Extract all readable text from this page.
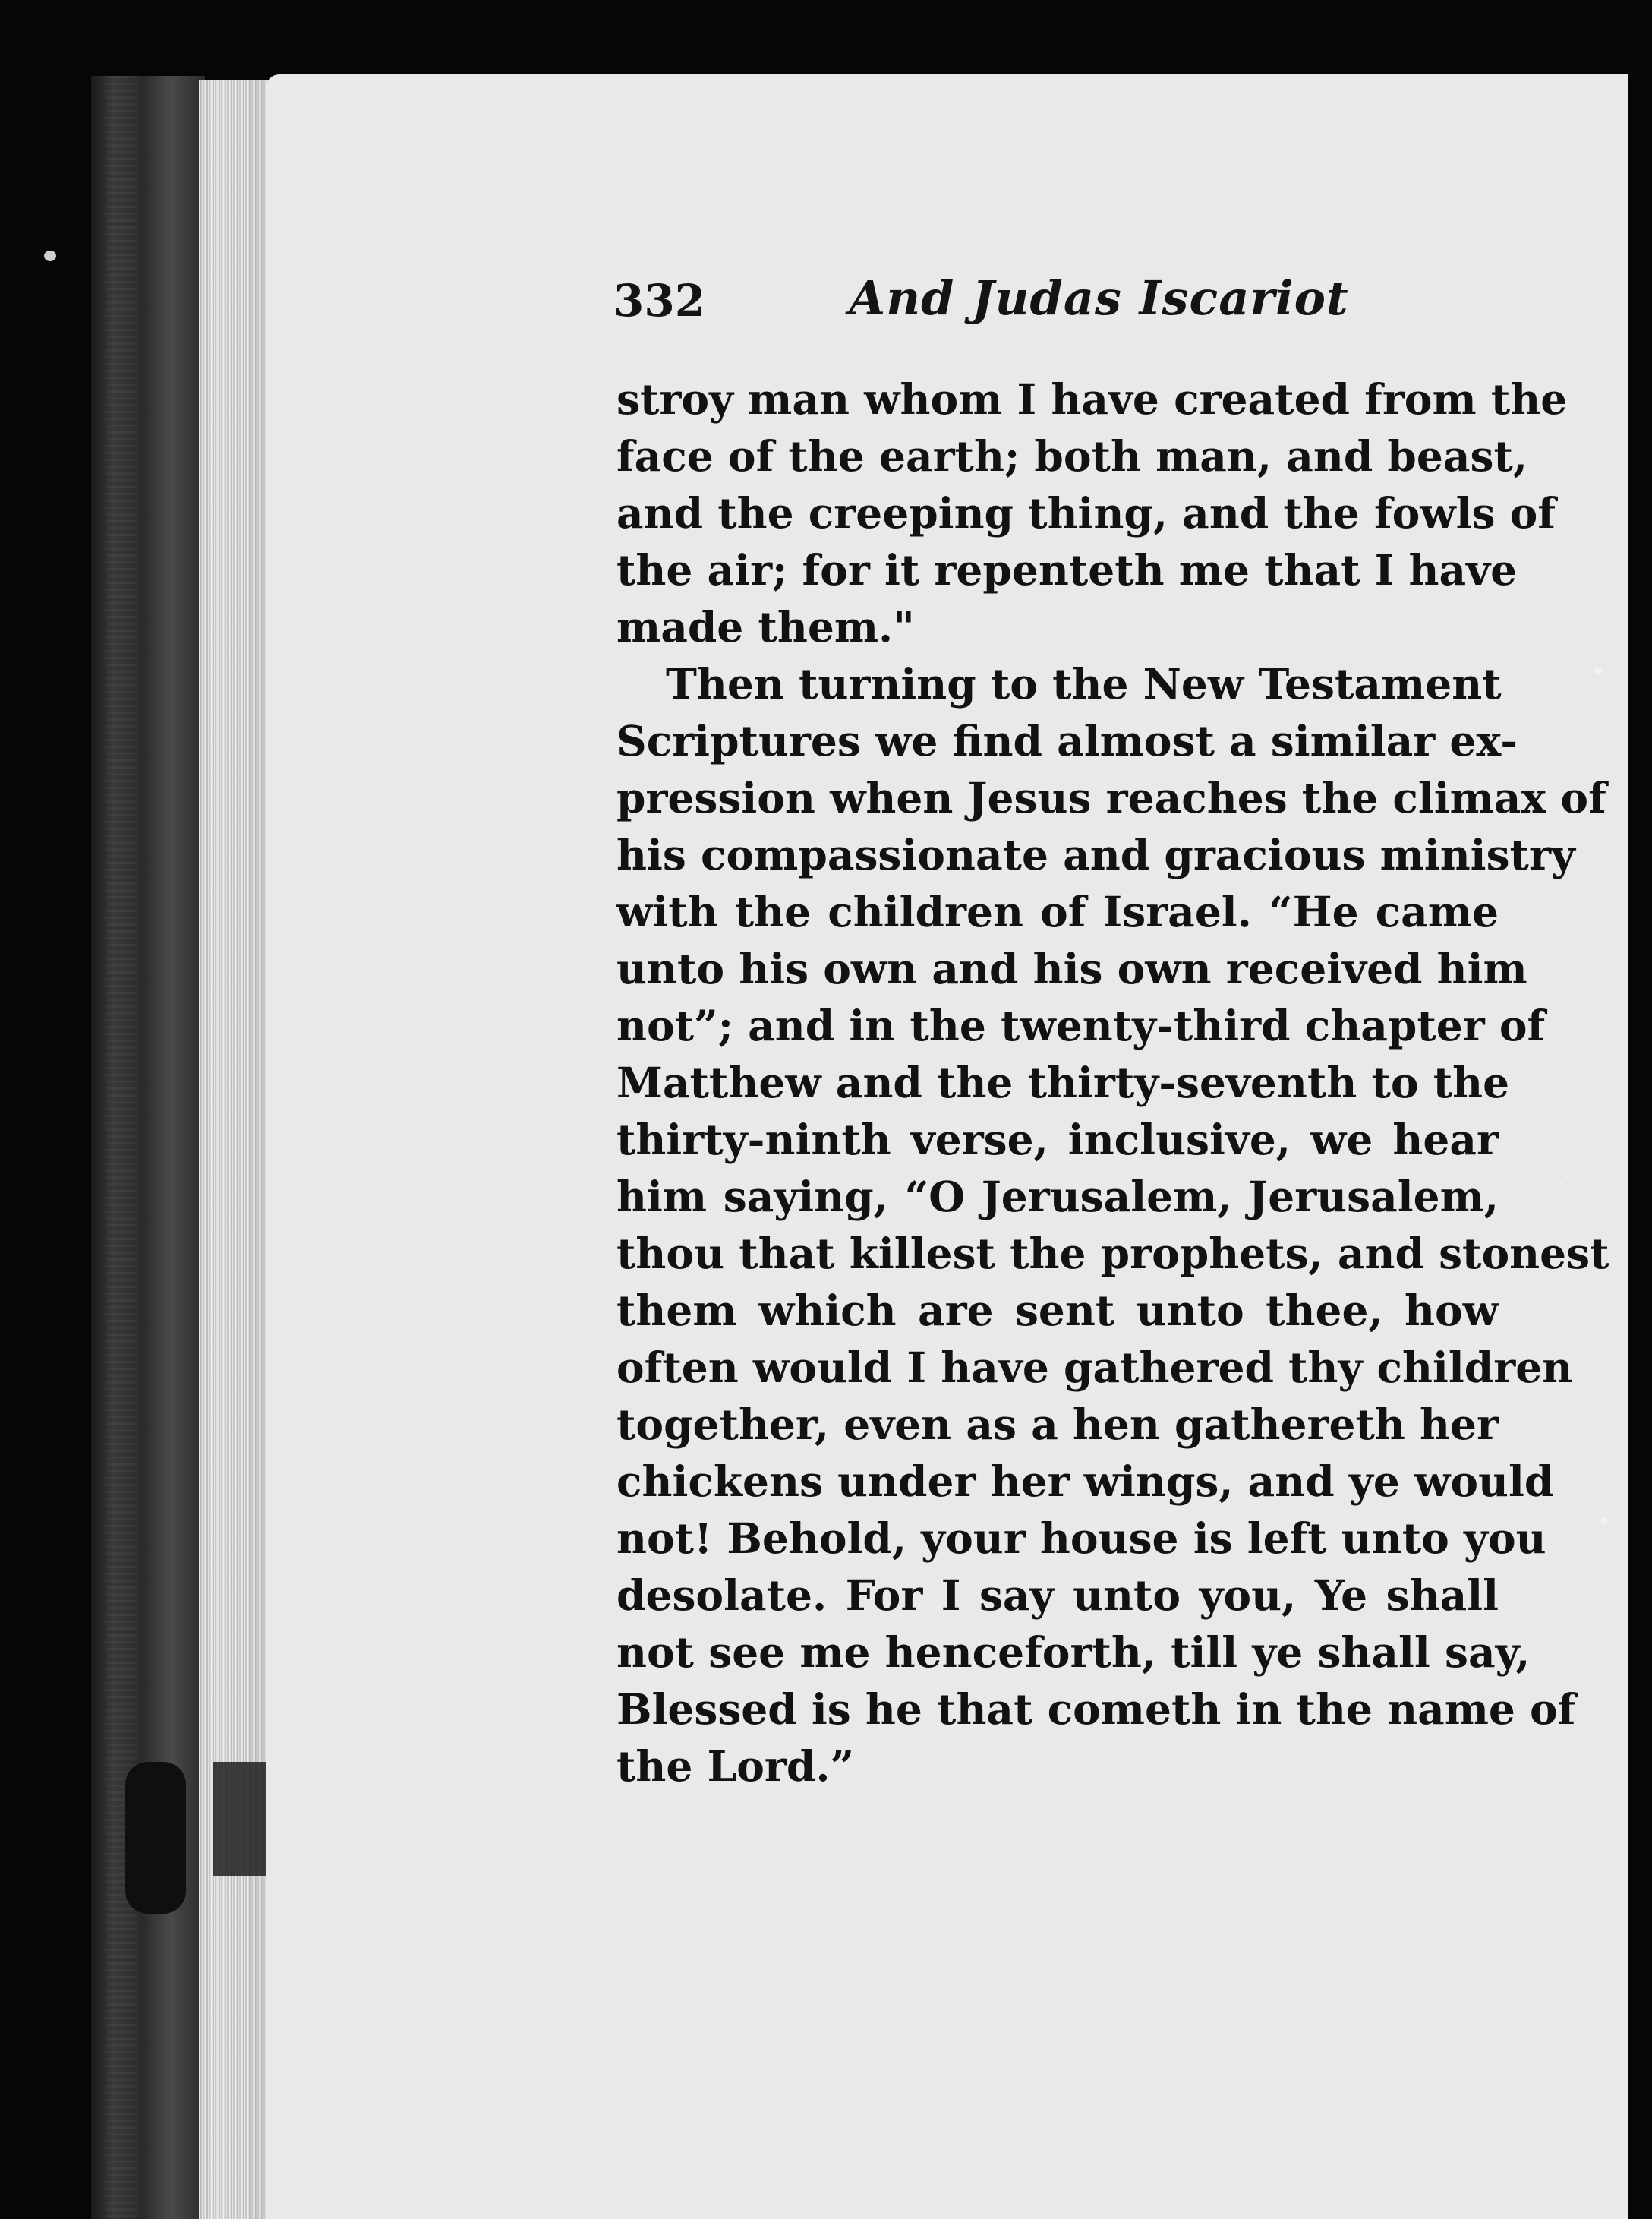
332	And Judas Iscariot
stroy man whom I have created from the
face of the earth; both man, and beast,
and the creeping thing, and the fowls of
the air; for it repenteth me that I have
made them."
Then turning to the New Testament
Scriptures we find almost a similar ex-
pression when Jesus reaches the climax of
his compassionate and gracious ministry
with the children of Israel. “He came
unto his own and his own received him
not”; and in the twenty-third chapter of
Matthew and the thirty-seventh to the
thirty-ninth verse, inclusive, we hear
him saying, “O Jerusalem, Jerusalem,
thou that killest the prophets, and stonest
them which are sent unto thee, how
often would I have gathered thy children
together, even as a hen gathereth her
chickens under her wings, and ye would
not! Behold, your house is left unto you
desolate. For I say unto you, Ye shall
not see me henceforth, till ye shall say,
Blessed is he that cometh in the name of
the Lord.”
